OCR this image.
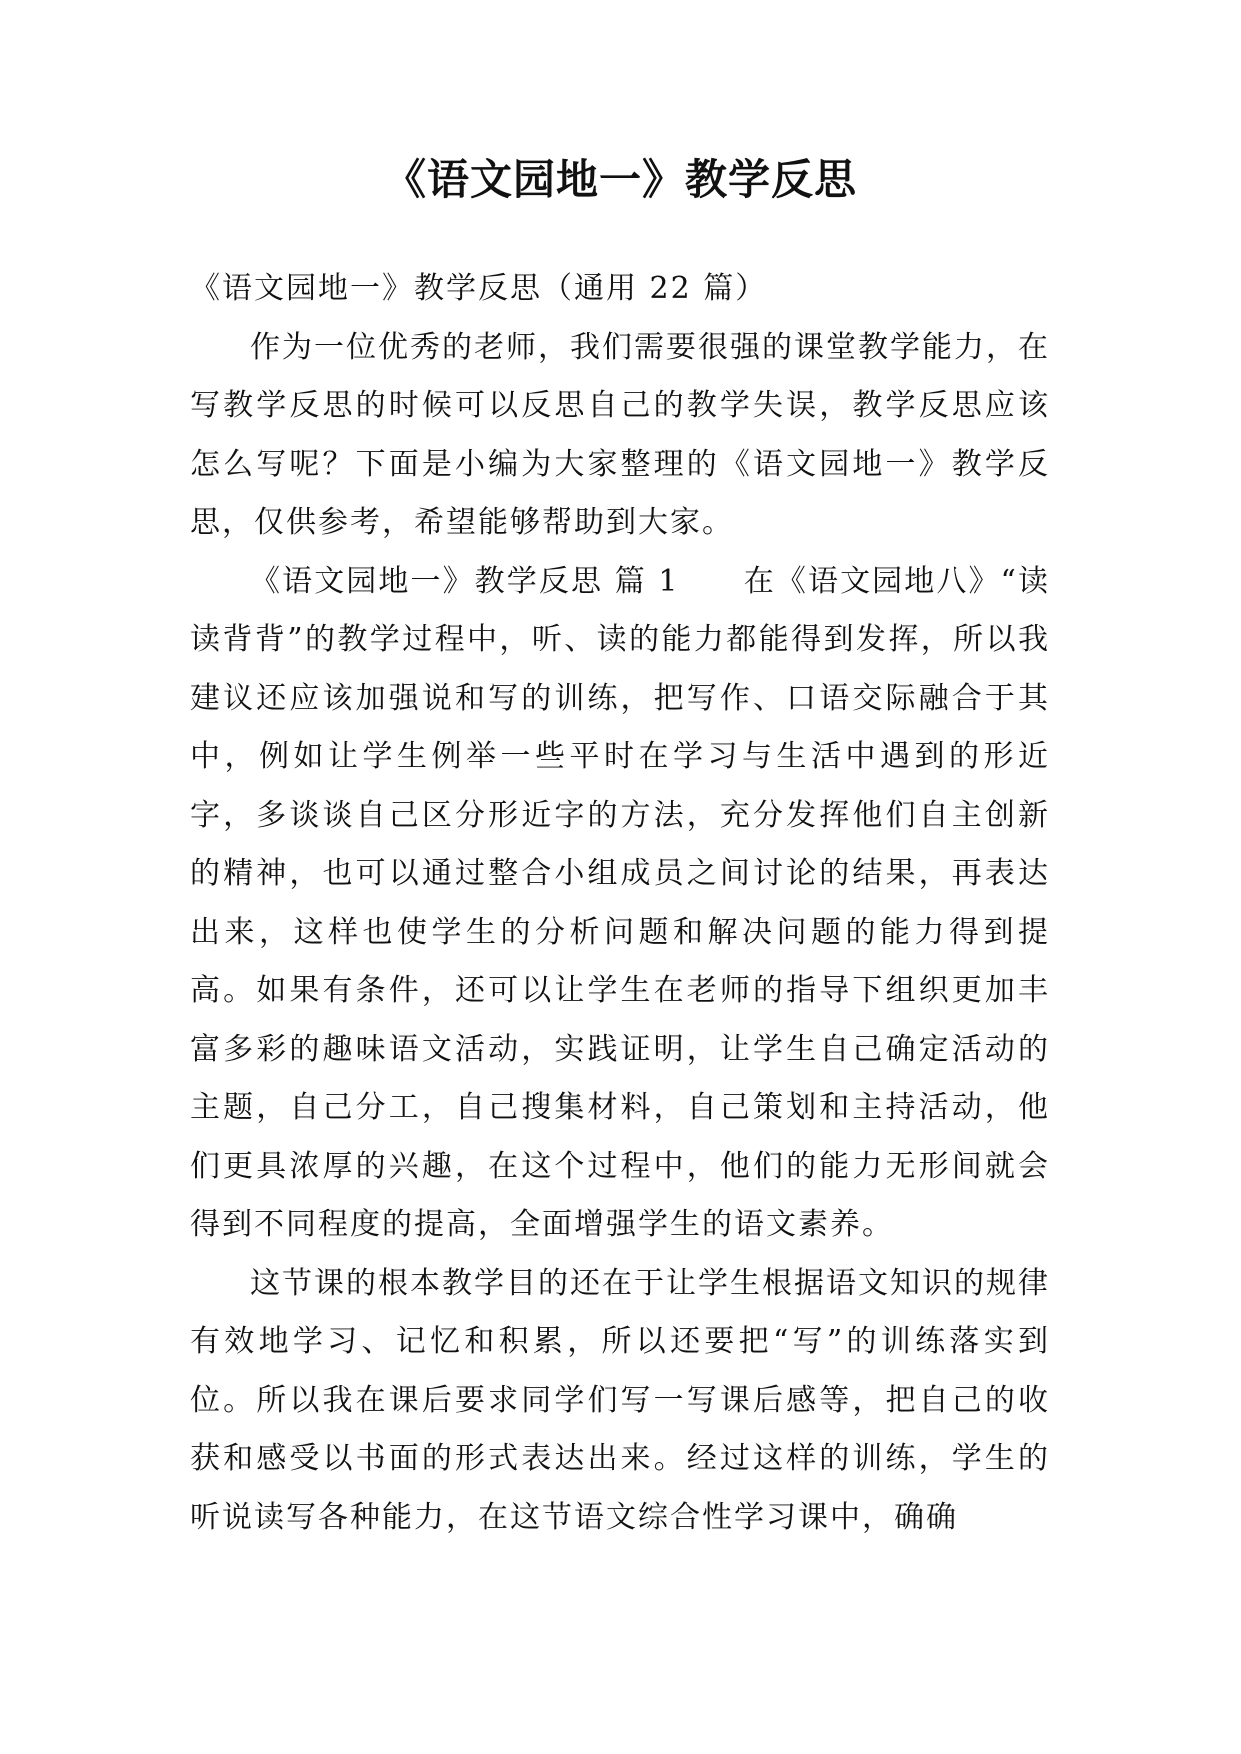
《语文园地一》教学反思

《语文园地一》教学反思（通用 22 篇）

作为一位优秀的老师，我们需要很强的课堂教学能力，在写教学反思的时候可以反思自己的教学失误，教学反思应该怎么写呢？下面是小编为大家整理的《语文园地一》教学反思，仅供参考，希望能够帮助到大家。

《语文园地一》教学反思 篇 1　　在《语文园地八》“读读背背”的教学过程中，听、读的能力都能得到发挥，所以我建议还应该加强说和写的训练，把写作、口语交际融合于其中，例如让学生例举一些平时在学习与生活中遇到的形近字，多谈谈自己区分形近字的方法，充分发挥他们自主创新的精神，也可以通过整合小组成员之间讨论的结果，再表达出来，这样也使学生的分析问题和解决问题的能力得到提高。如果有条件，还可以让学生在老师的指导下组织更加丰富多彩的趣味语文活动，实践证明，让学生自己确定活动的主题，自己分工，自己搜集材料，自己策划和主持活动，他们更具浓厚的兴趣，在这个过程中，他们的能力无形间就会得到不同程度的提高，全面增强学生的语文素养。

这节课的根本教学目的还在于让学生根据语文知识的规律有效地学习、记忆和积累，所以还要把“写”的训练落实到位。所以我在课后要求同学们写一写课后感等，把自己的收获和感受以书面的形式表达出来。经过这样的训练，学生的听说读写各种能力，在这节语文综合性学习课中，确确
